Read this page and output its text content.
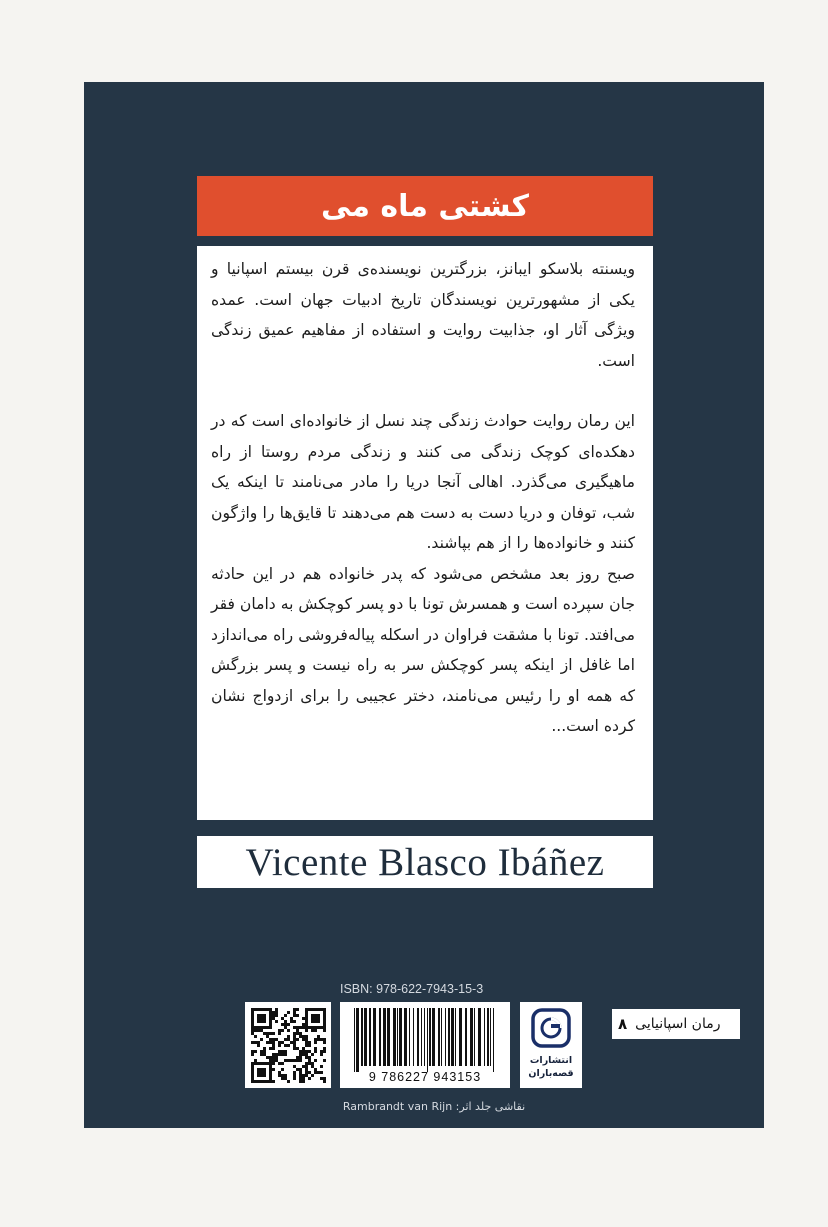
کشتی ماه می

ویسنته بلاسکو ایبانز، بزرگترین نویسنده‌ی قرن بیستم اسپانیا و یکی از مشهورترین نویسندگان تاریخ ادبیات جهان است. عمده ویژگی آثار او، جذابیت روایت و استفاده از مفاهیم عمیق زندگی است.

این رمان روایت حوادث زندگی چند نسل از خانواده‌ای است که در دهکده‌ای کوچک زندگی می کنند و زندگی مردم روستا از راه ماهیگیری می‌گذرد. اهالی آنجا دریا را مادر می‌نامند تا اینکه یک شب، توفان و دریا دست به دست هم می‌دهند تا قایق‌ها را واژگون کنند و خانواده‌ها را از هم بپاشند.

صبح روز بعد مشخص می‌شود که پدر خانواده هم در این حادثه جان سپرده است و همسرش تونا با دو پسر کوچکش به دامان فقر می‌افتد. تونا با مشقت فراوان در اسکله پیاله‌فروشی راه می‌اندازد اما غافل از اینکه پسر کوچکش سر به راه نیست و پسر بزرگش که همه او را رئیس می‌نامند، دختر عجیبی را برای ازدواج نشان کرده است...

Vicente Blasco Ibáñez
ISBN: 978-622-7943-15-3
9 786227 943153
انتشارات
قصه‌باران
رمان اسپانیایی
۸
نقاشی جلد اثر: Rambrandt van Rijn
